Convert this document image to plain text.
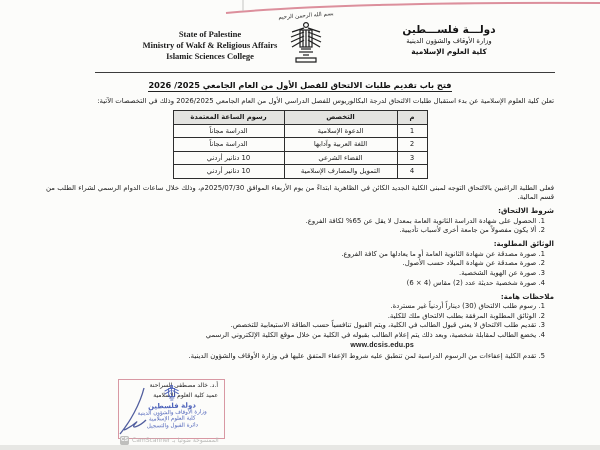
State of Palestine
Ministry of Wakf & Religious Affairs
Islamic Sciences College
بسم الله الرحمن الرحيم
دولـــة فلســـطين
وزارة الأوقاف والشؤون الدينية
كلية العلوم الإسلامية
فتح باب تقديم طلبات الالتحاق للفصل الأول من العام الجامعي 2025/ 2026

تعلن كلية العلوم الإسلامية عن بدء استقبال طلبات الالتحاق لدرجة البكالوريوس للفصل الدراسي الأول من العام الجامعي 2026/2025 وذلك في التخصصات الآتية:

م	التخصص	رسوم الساعة المعتمدة
1	الدعوة الإسلامية	الدراسة مجاناً
2	اللغة العربية وآدابها	الدراسة مجاناً
3	القضاء الشرعي	10 دنانير أردني
4	التمويل والمصارف الإسلامية	10 دنانير أردني

فعلى الطلبة الراغبين بالالتحاق التوجه لمبنى الكلية الجديد الكائن في الظاهرية ابتداءً من يوم الأربعاء الموافق 2025/07/30م، وذلك خلال ساعات الدوام الرسمي لشراء الطلب من قسم المالية.

شروط الالتحاق:
1. الحصول على شهادة الدراسة الثانوية العامة بمعدل لا يقل عن 65% لكافة الفروع.
2. ألا يكون مفصولاً من جامعة أخرى لأسباب تأديبية.
الوثائق المطلوبة:
1. صورة مصدقة عن شهادة الثانوية العامة أو ما يعادلها من كافة الفروع.
2. صورة مصدقة عن شهادة الميلاد حسب الأصول.
3. صورة عن الهوية الشخصية.
4. صورة شخصية حديثة عدد (2) مقاس (4 × 6)
ملاحظات هامة:
1. رسوم طلب الالتحاق (30) ديناراً أردنياً غير مستردة.
2. الوثائق المطلوبة المرفقة بطلب الالتحاق ملك للكلية.
3. تقديم طلب الالتحاق لا يعني قبول الطالب في الكلية، ويتم القبول تنافسياً حسب الطاقة الاستيعابية للتخصص.
4. يخضع الطالب لمقابلة شخصية، وبعد ذلك يتم إعلام الطالب بقبوله في الكلية من خلال موقع الكلية الإلكتروني الرسمي
www.dcsis.edu.ps
5. تقدم الكلية إعفاءات من الرسوم الدراسية لمن تنطبق عليه شروط الإعفاء المتفق عليها في وزارة الأوقاف والشؤون الدينية.
أ.د. خالد مصطفى السراحنة
عميد كلية العلوم الإسلامية
دولة فلسطين
وزارة الأوقاف والشؤون الدينية
كلية العلوم الإسلامية
دائرة القبول والتسجيل
CS الممسوحة ضوئيا بـ CamScanner
